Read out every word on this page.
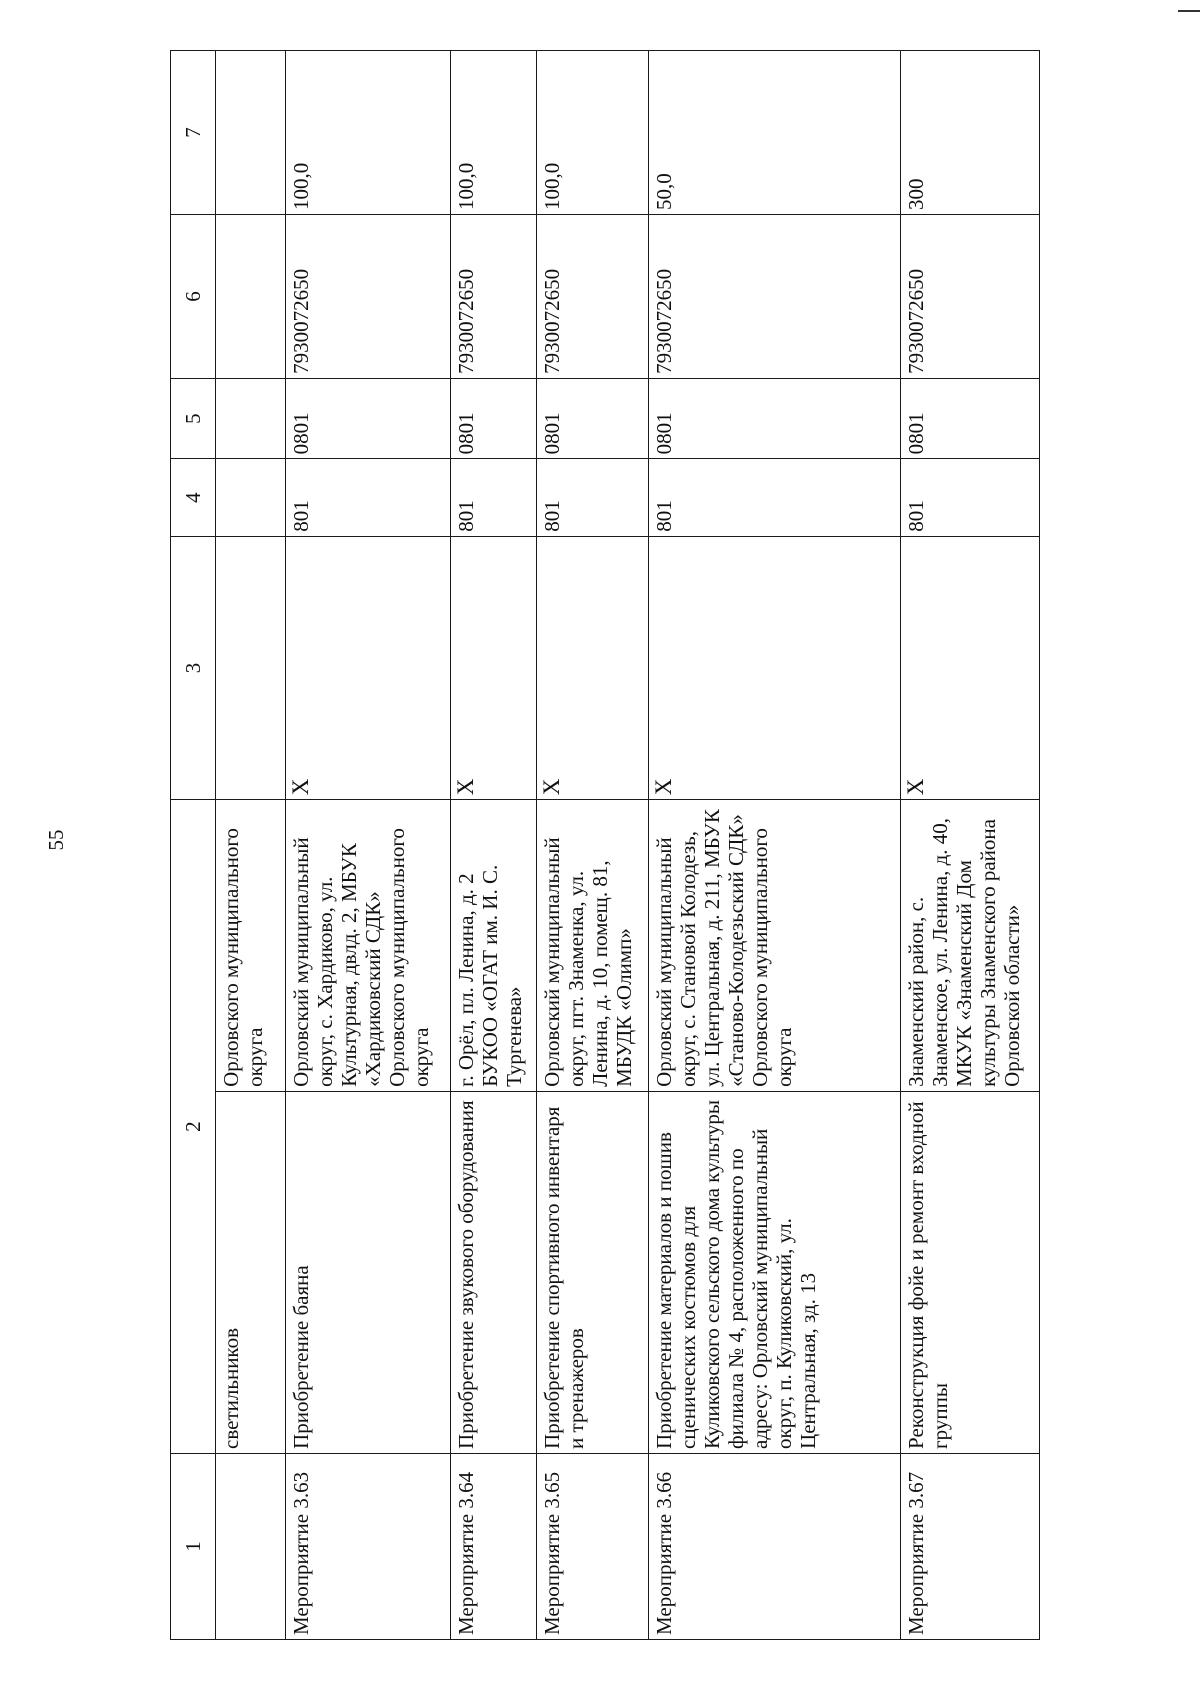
55
1	2		3	4	5	6	7
	светильников	Орловского муниципального округа					
Мероприятие 3.63	Приобретение баяна	Орловский муниципальный округ, с. Хардиково, ул. Культурная, двлд. 2, МБУК «Хардиковский СДК» Орловского муниципального округа	X	801	0801	7930072650	100,0
Мероприятие 3.64	Приобретение звукового оборудования	г. Орёл, пл. Ленина, д. 2 БУКОО «ОГАТ им. И. С. Тургенева»	X	801	0801	7930072650	100,0
Мероприятие 3.65	Приобретение спортивного инвентаря и тренажеров	Орловский муниципальный округ, пгт. Знаменка, ул. Ленина, д. 10, помещ. 81, МБУДК «Олимп»	X	801	0801	7930072650	100,0
Мероприятие 3.66	Приобретение материалов и пошив сценических костюмов для Куликовского сельского дома культуры филиала № 4, расположенного по адресу: Орловский муниципальный округ, п. Куликовский, ул. Центральная, зд. 13	Орловский муниципальный округ, с. Становой Колодезь, ул. Центральная, д. 211, МБУК «Станово-Колодезьский СДК» Орловского муниципального округа	X	801	0801	7930072650	50,0
Мероприятие 3.67	Реконструкция фойе и ремонт входной группы	Знаменский район, с. Знаменское, ул. Ленина, д. 40, МКУК «Знаменский Дом культуры Знаменского района Орловской области»	X	801	0801	7930072650	300
